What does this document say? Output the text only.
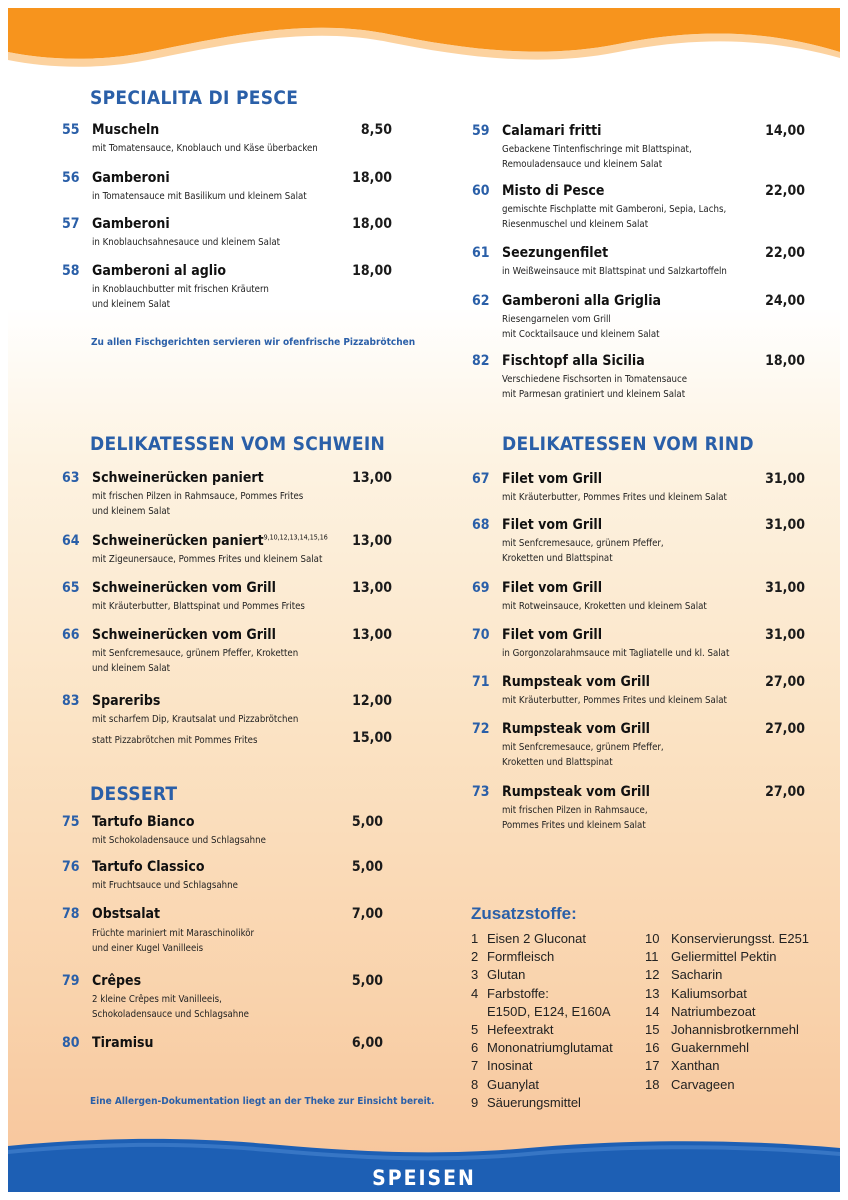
SPECIALITA DI PESCE
55 Muscheln	8,50
mit Tomatensauce, Knoblauch und Käse überbacken
56 Gamberoni	18,00
in Tomatensauce mit Basilikum und kleinem Salat
57 Gamberoni	18,00
in Knoblauchsahnesauce und kleinem Salat
58 Gamberoni al aglio	18,00
in Knoblauchbutter mit frischen Kräutern
und kleinem Salat
Zu allen Fischgerichten servieren wir ofenfrische Pizzabrötchen
59 Calamari fritti	14,00
Gebackene Tintenfischringe mit Blattspinat,
Remouladensauce und kleinem Salat
60 Misto di Pesce	22,00
gemischte Fischplatte mit Gamberoni, Sepia, Lachs,
Riesenmuschel und kleinem Salat
61 Seezungenfilet	22,00
in Weißweinsauce mit Blattspinat und Salzkartoffeln
62 Gamberoni alla Griglia	24,00
Riesengarnelen vom Grill
mit Cocktailsauce und kleinem Salat
82 Fischtopf alla Sicilia	18,00
Verschiedene Fischsorten in Tomatensauce
mit Parmesan gratiniert und kleinem Salat
DELIKATESSEN VOM SCHWEIN
63 Schweinerücken paniert	13,00
mit frischen Pilzen in Rahmsauce, Pommes Frites
und kleinem Salat
64 Schweinerücken paniert$^{9,10,12,13,14,15,16}$	13,00
mit Zigeunersauce, Pommes Frites und kleinem Salat
65 Schweinerücken vom Grill	13,00
mit Kräuterbutter, Blattspinat und Pommes Frites
66 Schweinerücken vom Grill	13,00
mit Senfcremesauce, grünem Pfeffer, Kroketten
und kleinem Salat
83 Spareribs	12,00
mit scharfem Dip, Krautsalat und Pizzabrötchen
statt Pizzabrötchen mit Pommes Frites	15,00
DELIKATESSEN VOM RIND
67 Filet vom Grill	31,00
mit Kräuterbutter, Pommes Frites und kleinem Salat
68 Filet vom Grill	31,00
mit Senfcremesauce, grünem Pfeffer,
Kroketten und Blattspinat
69 Filet vom Grill	31,00
mit Rotweinsauce, Kroketten und kleinem Salat
70 Filet vom Grill	31,00
in Gorgonzolarahmsauce mit Tagliatelle und kl. Salat
71 Rumpsteak vom Grill	27,00
mit Kräuterbutter, Pommes Frites und kleinem Salat
72 Rumpsteak vom Grill	27,00
mit Senfcremesauce, grünem Pfeffer,
Kroketten und Blattspinat
73 Rumpsteak vom Grill	27,00
mit frischen Pilzen in Rahmsauce,
Pommes Frites und kleinem Salat
DESSERT
75 Tartufo Bianco	5,00
mit Schokoladensauce und Schlagsahne
76 Tartufo Classico	5,00
mit Fruchtsauce und Schlagsahne
78 Obstsalat	7,00
Früchte mariniert mit Maraschinolikör
und einer Kugel Vanilleeis
79 Crêpes	5,00
2 kleine Crêpes mit Vanilleeis,
Schokoladensauce und Schlagsahne
80 Tiramisu	6,00
Eine Allergen-Dokumentation liegt an der Theke zur Einsicht bereit.
Zusatzstoffe:
1 Eisen 2 Gluconat
2 Formfleisch
3 Glutan
4 Farbstoffe:
E150D, E124, E160A
5 Hefeextrakt
6 Mononatriumglutamat
7 Inosinat
8 Guanylat
9 Säuerungsmittel
10 Konservierungsst. E251
11 Geliermittel Pektin
12 Sacharin
13 Kaliumsorbat
14 Natriumbezoat
15 Johannisbrotkernmehl
16 Guakernmehl
17 Xanthan
18 Carvageen
SPEISEN
